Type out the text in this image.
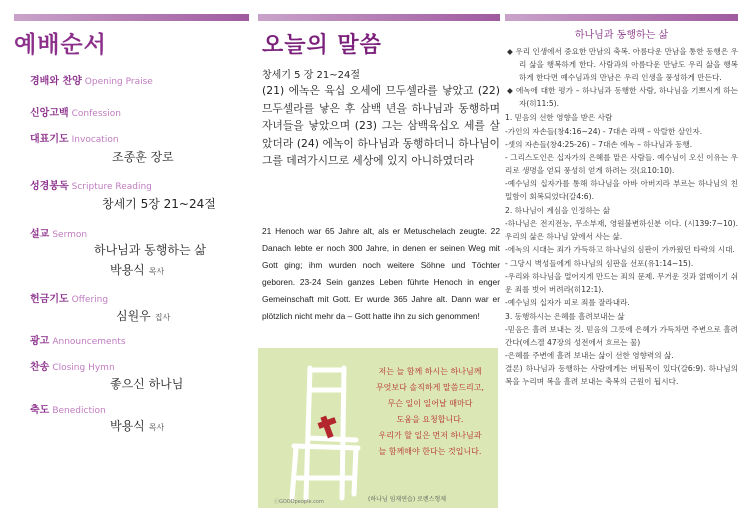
예배순서
경배와 찬양 Opening Praise
신앙고백 Confession
대표기도 Invocation
조종훈 장로
성경봉독 Scripture Reading
창세기 5장 21~24절
설교 Sermon
하나님과 동행하는 삶
박용식 목사
헌금기도 Offering
심원우 집사
광고 Announcements
찬송 Closing Hymn
좋으신 하나님
축도 Benediction
박용식 목사
오늘의 말씀
창세기 5 장 21~24절
(21) 에녹은 육십 오세에 므두셀라를 낳았고 (22) 므두셀라를 낳은 후 삼백 년을 하나님과 동행하며 자녀들을 낳았으며 (23) 그는 삼백육십오 세를 살았더라 (24) 에녹이 하나님과 동행하더니 하나님이 그를 데려가시므로 세상에 있지 아니하였더라
21 Henoch war 65 Jahre alt, als er Metuschelach zeugte. 22 Danach lebte er noch 300 Jahre, in denen er seinen Weg mit Gott ging; ihm wurden noch weitere Söhne und Töchter geboren. 23-24 Sein ganzes Leben führte Henoch in enger Gemeinschaft mit Gott. Er wurde 365 Jahre alt. Dann war er plötzlich nicht mehr da – Gott hatte ihn zu sich genommen!
저는 늘 함께 하시는 하나님께
무엇보다 솔직하게 말씀드리고,
무슨 일이 일어날 때마다
도움을 요청합니다.
우리가 할 일은 먼저 하나님과
늘 함께해야 한다는 것입니다.
ⓒGOODpeople.com	(하나님 임재연습) 로렌스형제
하나님과 동행하는 삶
◆ 우리 인생에서 중요한 만남의 축복. 아름다운 만남을 통한 동행은 우리 삶을 행복하게 한다. 사람과의 아름다운 만남도 우리 삶을 행복하게 한다면 예수님과의 만남은 우리 인생을 풍성하게 만든다.
◆ 에녹에 대한 평가 – 하나님과 동행한 사람, 하나님을 기쁘시게 하는 자(히11:5).
1. 믿음의 선한 영향을 받은 사람
-가인의 자손들(창4:16~24) - 7대손 라멕 – 악랄한 살인자.
-셋의 자손들(창4:25-26) – 7대손 에녹 – 하나님과 동행.
- 그리스도인은 십자가의 은혜를 맡은 사람들. 예수님이 오신 이유는 우리로 생명을 얻되 풍성히 얻게 하려는 것(요10:10).
-예수님의 십자가를 통해 하나님을 아바 아버지라 부르는 하나님의 친밀함이 회복되었다(갈4:6).
2. 하나님이 계심을 인정하는 삶
-하나님은 전지전능, 무소부재, 영원불변하신분 이다. (시139:7~10). 우리의 삶은 하나님 앞에서 사는 삶.
-에녹의 시대는 죄가 가득하고 하나님의 심판이 가까웠던 타락의 시대.
- 그당시 벽성들에게 하나님의 심판을 선포(유1:14~15).
-우리와 하나님을 멀어지게 만드는 죄의 문제. 무거운 것과 얽매이기 쉬운 죄를 벗어 버려라(히12:1).
-예수님의 십자가 피로 죄를 잘라내라.
3. 동행하시는 은혜를 흘려보내는 삶
-믿음은 흘려 보내는 것. 믿음의 그릇에 은혜가 가득차면 주변으로 흘려 간다(에스겔 47장의 성전에서 흐르는 물)
-은혜를 주변에 흘려 보내는 삶이 선한 영향력의 삶.
결론) 하나님과 동행하는 사람에게는 버팀목이 있다(갈6:9). 하나님의 복을 누리며 복을 흘려 보내는 축복의 근원이 됩시다.
